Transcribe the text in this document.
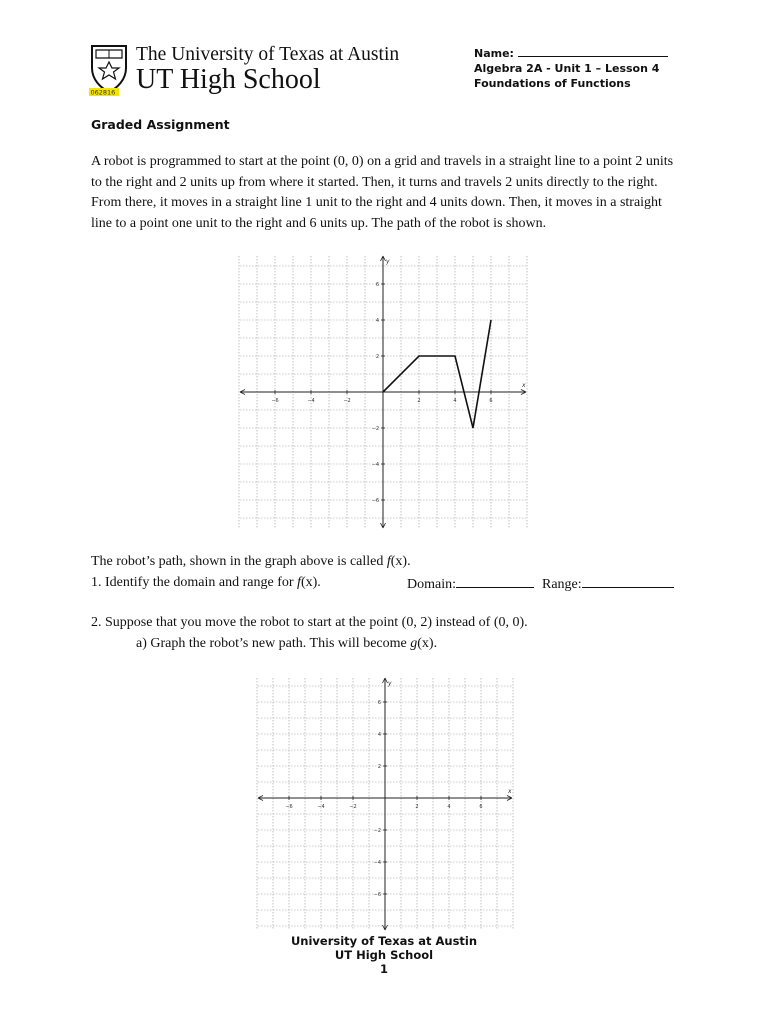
062816
The University of Texas at Austin
UT High School
Name:
Algebra 2A - Unit 1 – Lesson 4
Foundations of Functions
Graded Assignment

A robot is programmed to start at the point (0, 0) on a grid and travels in a straight line to a point 2 units to the right and 2 units up from where it started. Then, it turns and travels 2 units directly to the right. From there, it moves in a straight line 1 unit to the right and 4 units down. Then, it moves in a straight line to a point one unit to the right and 6 units up. The path of the robot is shown.

x
y
−6	−4	−2	2	4	6
−6
−4
−2
2
4
6
The robot’s path, shown in the graph above is called f(x).
1. Identify the domain and range for f(x).	Domain:	Range:
2. Suppose that you move the robot to start at the point (0, 2) instead of (0, 0).
a) Graph the robot’s new path. This will become g(x).
x
y
−6	−4	−2	2	4	6
−6
−4
−2
2
4
6
University of Texas at Austin
UT High School
1
